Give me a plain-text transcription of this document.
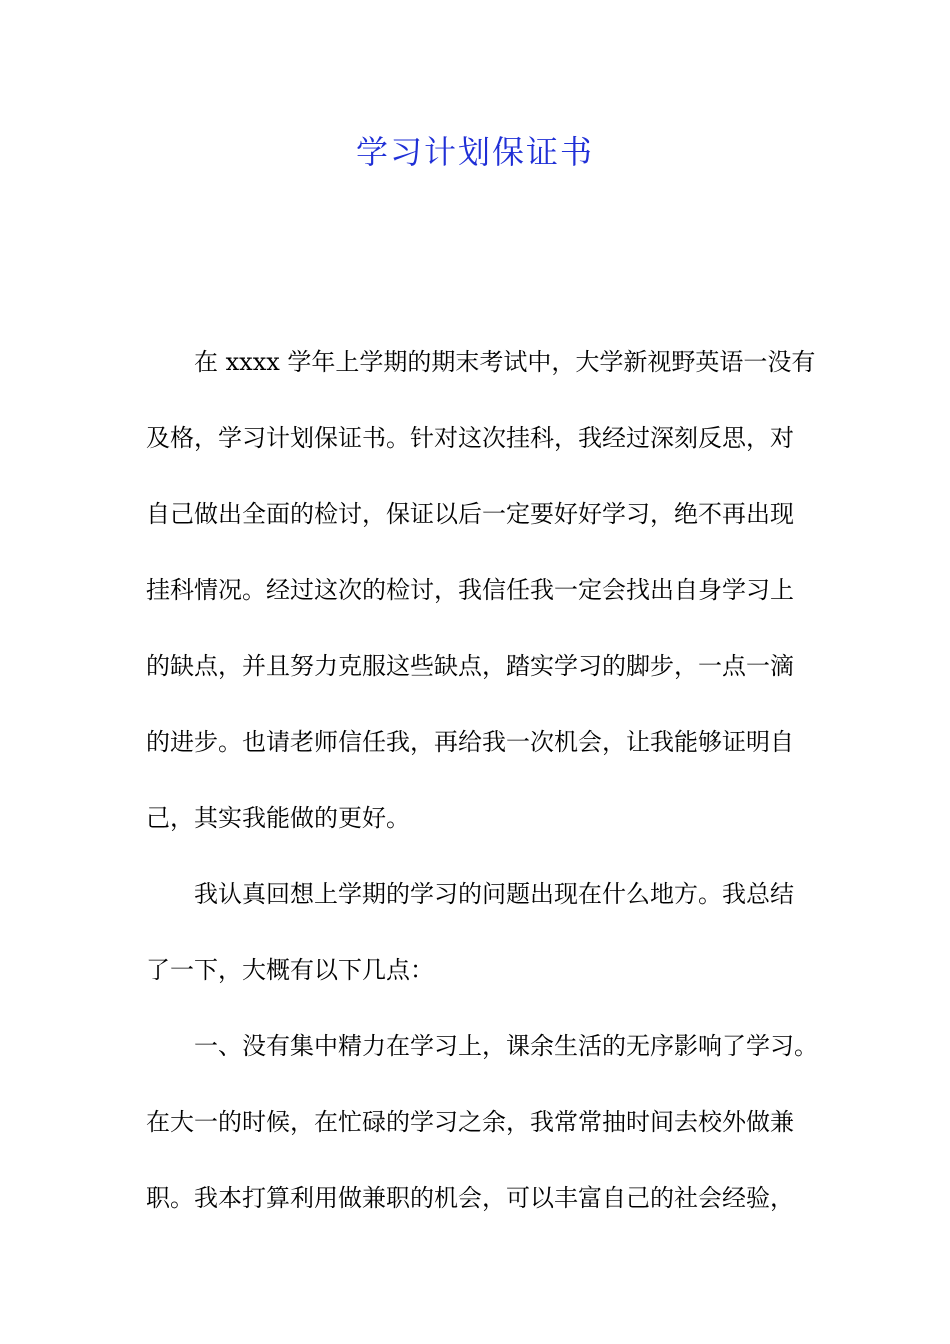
学习计划保证书
在 xxxx 学年上学期的期末考试中，大学新视野英语一没有
及格，学习计划保证书。针对这次挂科，我经过深刻反思，对
自己做出全面的检讨，保证以后一定要好好学习，绝不再出现
挂科情况。经过这次的检讨，我信任我一定会找出自身学习上
的缺点，并且努力克服这些缺点，踏实学习的脚步，一点一滴
的进步。也请老师信任我，再给我一次机会，让我能够证明自
己，其实我能做的更好。
我认真回想上学期的学习的问题出现在什么地方。我总结
了一下，大概有以下几点：
一、没有集中精力在学习上，课余生活的无序影响了学习。
在大一的时候，在忙碌的学习之余，我常常抽时间去校外做兼
职。我本打算利用做兼职的机会，可以丰富自己的社会经验，
